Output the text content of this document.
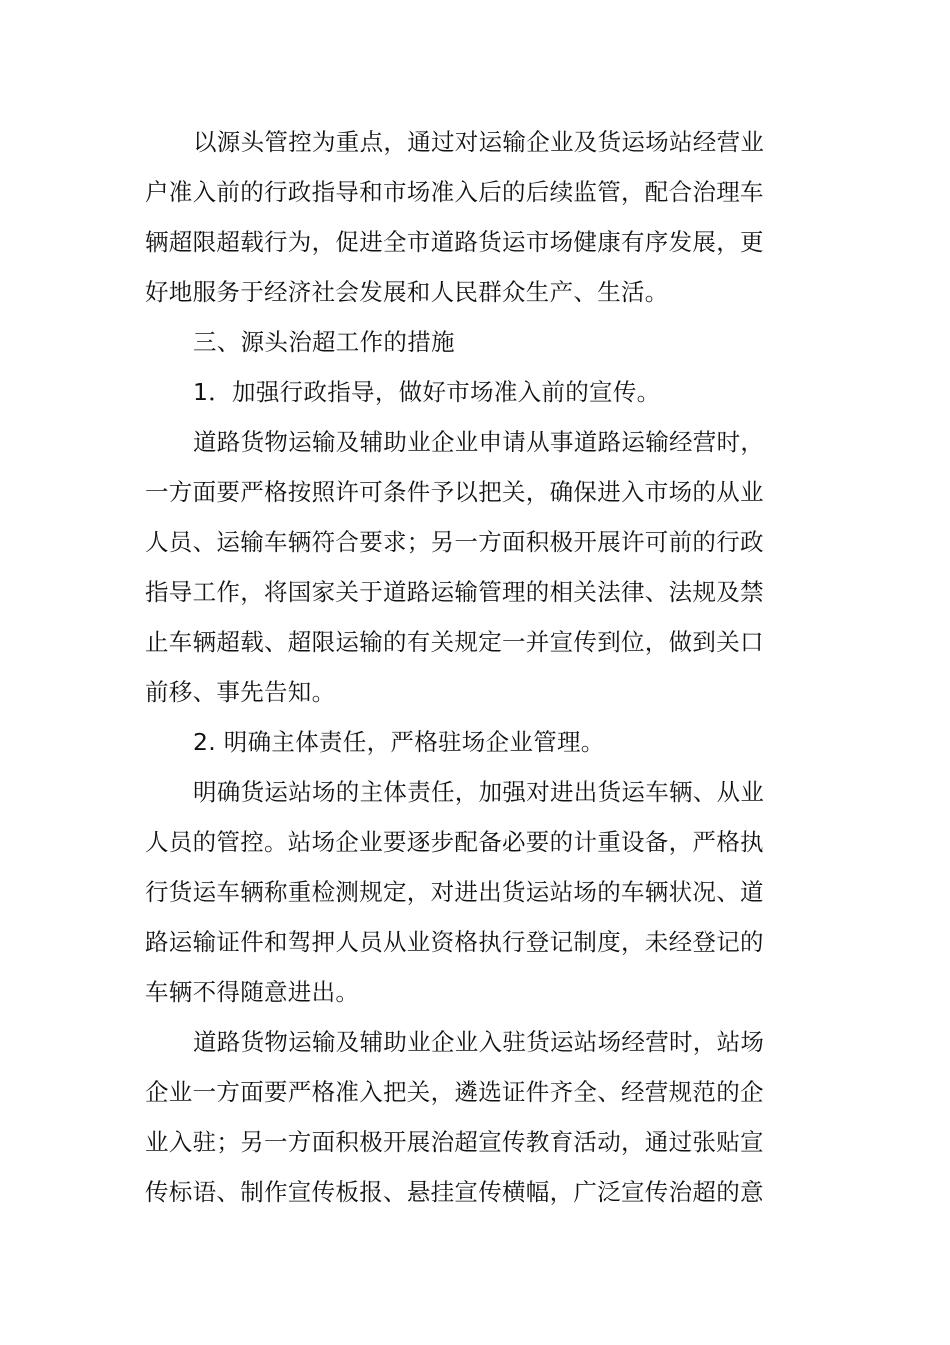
以源头管控为重点，通过对运输企业及货运场站经营业
户准入前的行政指导和市场准入后的后续监管，配合治理车
辆超限超载行为，促进全市道路货运市场健康有序发展，更
好地服务于经济社会发展和人民群众生产、生活。
三、源头治超工作的措施
1．加强行政指导，做好市场准入前的宣传。
道路货物运输及辅助业企业申请从事道路运输经营时，
一方面要严格按照许可条件予以把关，确保进入市场的从业
人员、运输车辆符合要求；另一方面积极开展许可前的行政
指导工作，将国家关于道路运输管理的相关法律、法规及禁
止车辆超载、超限运输的有关规定一并宣传到位，做到关口
前移、事先告知。
2. 明确主体责任，严格驻场企业管理。
明确货运站场的主体责任，加强对进出货运车辆、从业
人员的管控。站场企业要逐步配备必要的计重设备，严格执
行货运车辆称重检测规定，对进出货运站场的车辆状况、道
路运输证件和驾押人员从业资格执行登记制度，未经登记的
车辆不得随意进出。
道路货物运输及辅助业企业入驻货运站场经营时，站场
企业一方面要严格准入把关，遴选证件齐全、经营规范的企
业入驻；另一方面积极开展治超宣传教育活动，通过张贴宣
传标语、制作宣传板报、悬挂宣传横幅，广泛宣传治超的意
